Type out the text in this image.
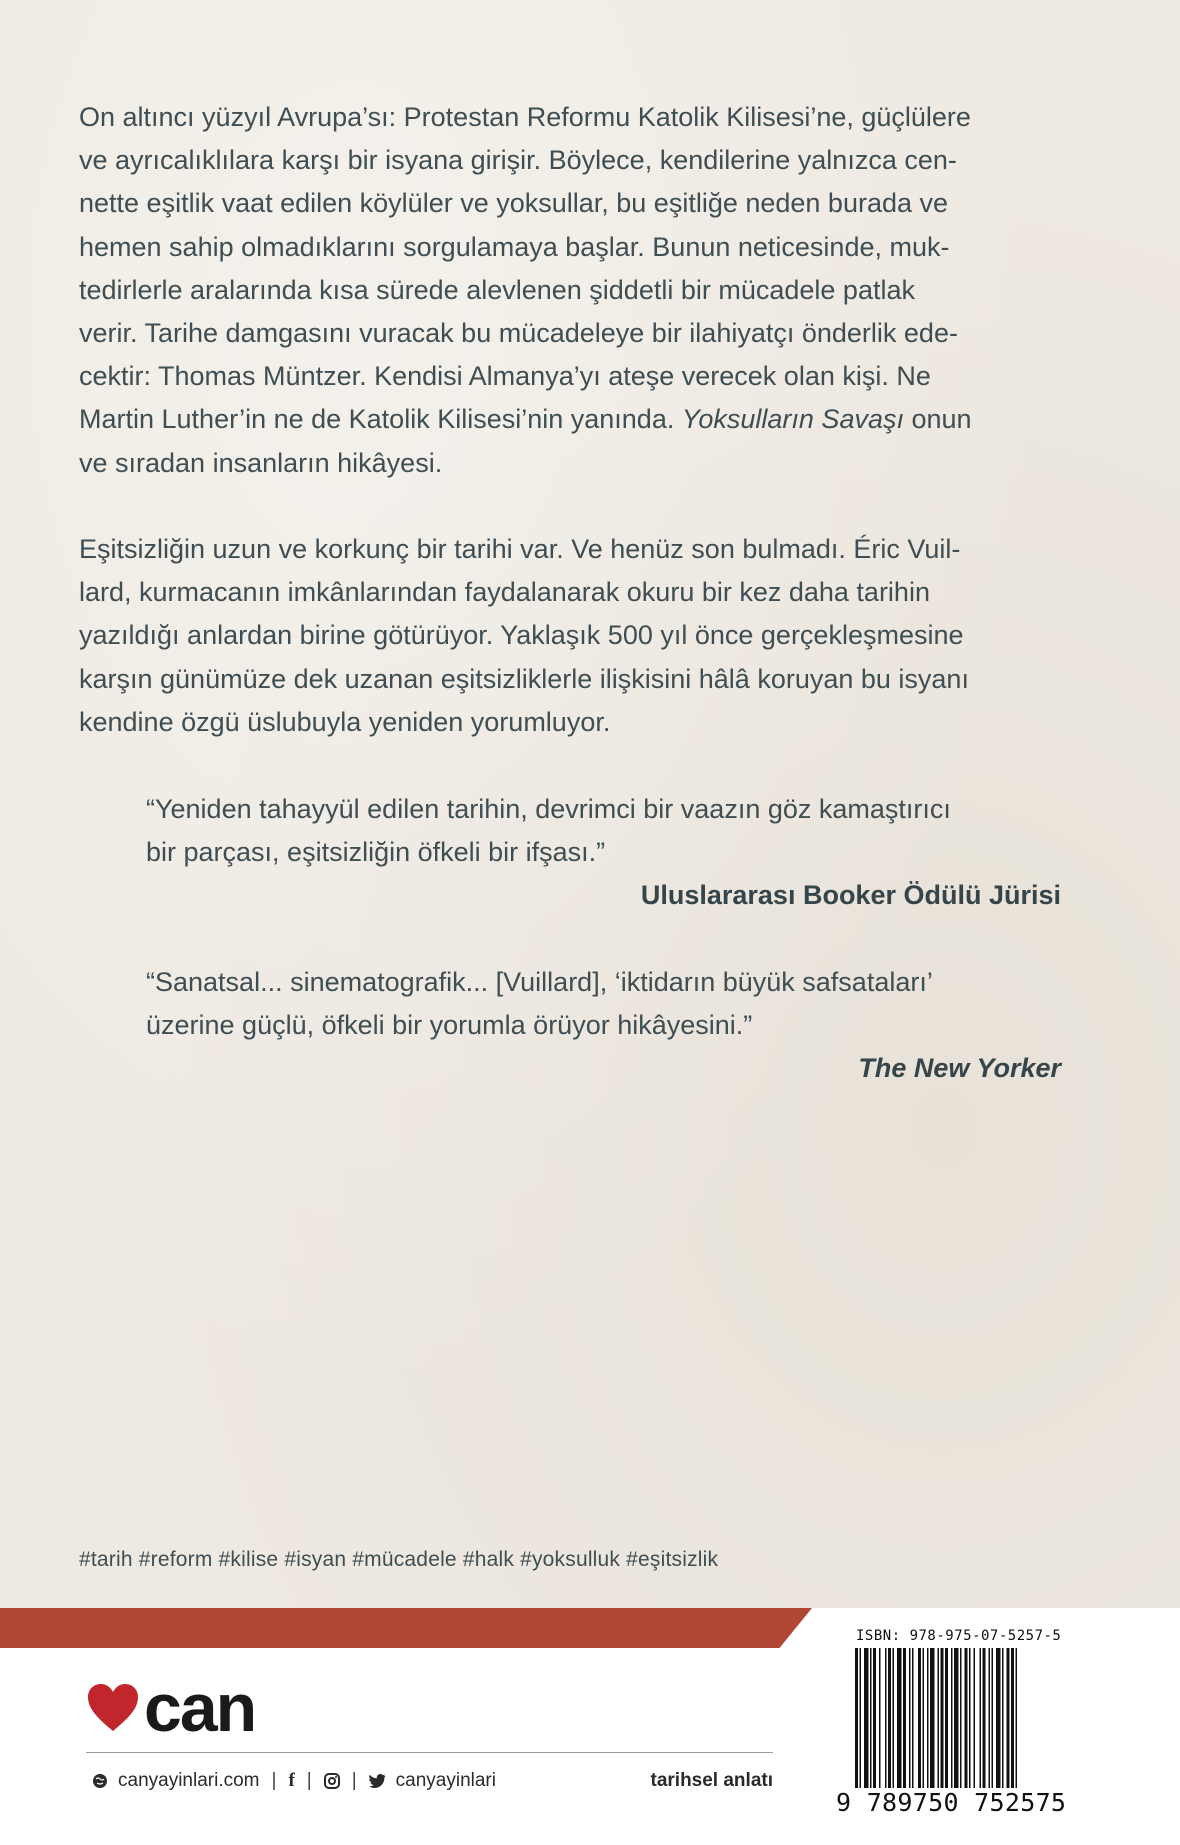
On altıncı yüzyıl Avrupa’sı: Protestan Reformu Katolik Kilisesi’ne, güçlülere
ve ayrıcalıklılara karşı bir isyana girişir. Böylece, kendilerine yalnızca cen-
nette eşitlik vaat edilen köylüler ve yoksullar, bu eşitliğe neden burada ve
hemen sahip olmadıklarını sorgulamaya başlar. Bunun neticesinde, muk-
tedirlerle aralarında kısa sürede alevlenen şiddetli bir mücadele patlak
verir. Tarihe damgasını vuracak bu mücadeleye bir ilahiyatçı önderlik ede-
cektir: Thomas Müntzer. Kendisi Almanya’yı ateşe verecek olan kişi. Ne
Martin Luther’in ne de Katolik Kilisesi’nin yanında. Yoksulların Savaşı onun
ve sıradan insanların hikâyesi.
Eşitsizliğin uzun ve korkunç bir tarihi var. Ve henüz son bulmadı. Éric Vuil-
lard, kurmacanın imkânlarından faydalanarak okuru bir kez daha tarihin
yazıldığı anlardan birine götürüyor. Yaklaşık 500 yıl önce gerçekleşmesine
karşın günümüze dek uzanan eşitsizliklerle ilişkisini hâlâ koruyan bu isyanı
kendine özgü üslubuyla yeniden yorumluyor.
“Yeniden tahayyül edilen tarihin, devrimci bir vaazın göz kamaştırıcı
bir parçası, eşitsizliğin öfkeli bir ifşası.”
Uluslararası Booker Ödülü Jürisi
“Sanatsal... sinematografik... [Vuillard], ‘iktidarın büyük safsataları’
üzerine güçlü, öfkeli bir yorumla örüyor hikâyesini.”
The New Yorker
#tarih #reform #kilise #isyan #mücadele #halk #yoksulluk #eşitsizlik
can
canyayinlari.com | f | | canyayinlari	tarihsel anlatı
ISBN: 978-975-07-5257-5
9 789750 752575
